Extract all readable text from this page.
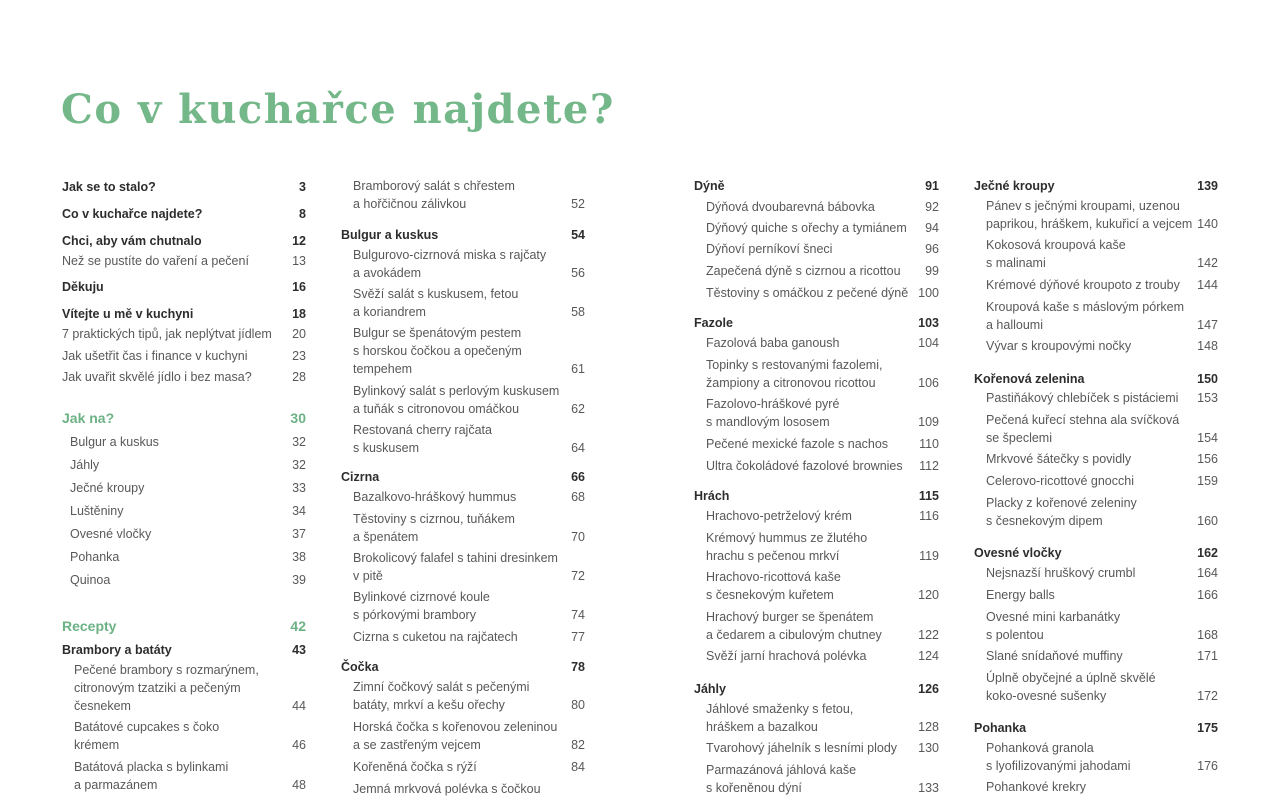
Co v kuchařce najdete?
Jak se to stalo?	3
Co v kuchařce najdete?	8
Chci, aby vám chutnalo	12
Než se pustíte do vaření a pečení	13
Děkuju	16
Vítejte u mě v kuchyni	18
7 praktických tipů, jak neplýtvat jídlem	20
Jak ušetřit čas i finance v kuchyni	23
Jak uvařit skvělé jídlo i bez masa?	28
Jak na?	30
Bulgur a kuskus	32
Jáhly	32
Ječné kroupy	33
Luštěniny	34
Ovesné vločky	37
Pohanka	38
Quinoa	39
Recepty	42
Brambory a batáty	43
Pečené brambory s rozmarýnem,
citronovým tzatziki a pečeným
česnekem	44
Batátové cupcakes s čoko
krémem	46
Batátová placka s bylinkami
a parmazánem	48
Bramborový salát s chřestem
a hořčičnou zálivkou	52
Bulgur a kuskus	54
Bulgurovo-cizrnová miska s rajčaty
a avokádem	56
Svěží salát s kuskusem, fetou
a koriandrem	58
Bulgur se špenátovým pestem
s horskou čočkou a opečeným
tempehem	61
Bylinkový salát s perlovým kuskusem
a tuňák s citronovou omáčkou	62
Restovaná cherry rajčata
s kuskusem	64
Cizrna	66
Bazalkovo-hráškový hummus	68
Těstoviny s cizrnou, tuňákem
a špenátem	70
Brokolicový falafel s tahini dresinkem
v pitě	72
Bylinkové cizrnové koule
s pórkovými brambory	74
Cizrna s cuketou na rajčatech	77
Čočka	78
Zimní čočkový salát s pečenými
batáty, mrkví a kešu ořechy	80
Horská čočka s kořenovou zeleninou
a se zastřeným vejcem	82
Kořeněná čočka s rýží	84
Jemná mrkvová polévka s čočkou
Dýně	91
Dýňová dvoubarevná bábovka	92
Dýňový quiche s ořechy a tymiánem	94
Dýňoví perníkoví šneci	96
Zapečená dýně s cizrnou a ricottou	99
Těstoviny s omáčkou z pečené dýně 100
Fazole	103
Fazolová baba ganoush	104
Topinky s restovanými fazolemi,
žampiony a citronovou ricottou	106
Fazolovo-hráškové pyré
s mandlovým lososem	109
Pečené mexické fazole s nachos	110
Ultra čokoládové fazolové brownies	112
Hrách	115
Hrachovo-petrželový krém	116
Krémový hummus ze žlutého
hrachu s pečenou mrkví	119
Hrachovo-ricottová kaše
s česnekovým kuřetem	120
Hrachový burger se špenátem
a čedarem a cibulovým chutney	122
Svěží jarní hrachová polévka	124
Jáhly	126
Jáhlové smaženky s fetou,
hráškem a bazalkou	128
Tvarohový jáhelník s lesními plody	130
Parmazánová jáhlová kaše
s kořeněnou dýní	133
Ječné kroupy	139
Pánev s ječnými kroupami, uzenou
paprikou, hráškem, kukuřicí a vejcem 140
Kokosová kroupová kaše
s malinami	142
Krémové dýňové kroupoto z trouby	144
Kroupová kaše s máslovým pórkem
a halloumi	147
Vývar s kroupovými nočky	148
Kořenová zelenina	150
Pastiňákový chlebíček s pistáciemi	153
Pečená kuřecí stehna ala svíčková
se špeclemi	154
Mrkvové šátečky s povidly	156
Celerovo-ricottové gnocchi	159
Placky z kořenové zeleniny
s česnekovým dipem	160
Ovesné vločky	162
Nejsnazší hruškový crumbl	164
Energy balls	166
Ovesné mini karbanátky
s polentou	168
Slané snídaňové muffiny	171
Úplně obyčejné a úplně skvělé
koko-ovesné sušenky	172
Pohanka	175
Pohanková granola
s lyofilizovanými jahodami	176
Pohankové krekry
